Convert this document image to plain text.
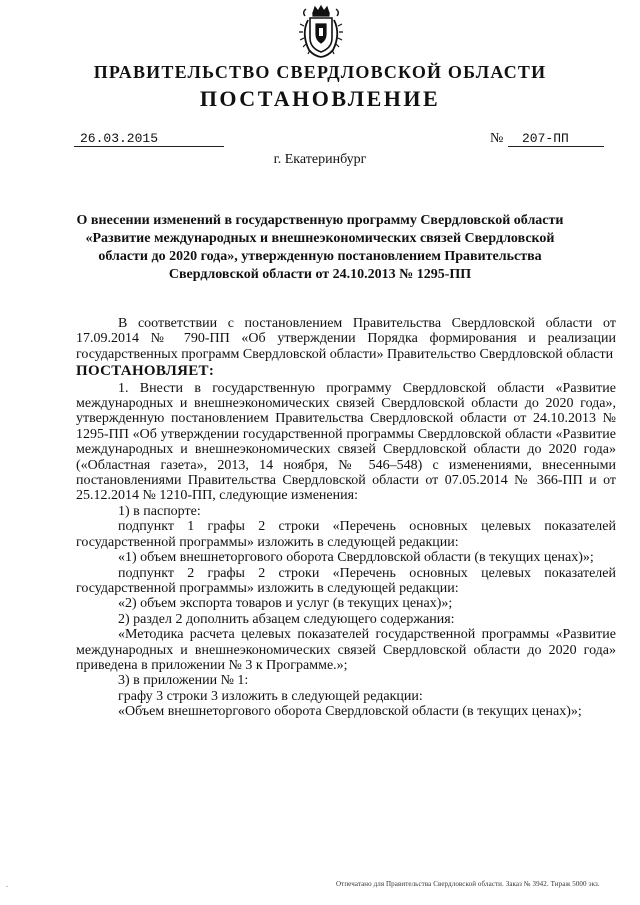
ПРАВИТЕЛЬСТВО СВЕРДЛОВСКОЙ ОБЛАСТИ
ПОСТАНОВЛЕНИЕ
26.03.2015	№ 207-ПП
г. Екатеринбург
О внесении изменений в государственную программу Свердловской области «Развитие международных и внешнеэкономических связей Свердловской области до 2020 года», утвержденную постановлением Правительства Свердловской области от 24.10.2013 № 1295-ПП

В соответствии с постановлением Правительства Свердловской области от 17.09.2014 № 790-ПП «Об утверждении Порядка формирования и реализации государственных программ Свердловской области» Правительство Свердловской области

ПОСТАНОВЛЯЕТ:

1. Внести в государственную программу Свердловской области «Развитие международных и внешнеэкономических связей Свердловской области до 2020 года», утвержденную постановлением Правительства Свердловской области от 24.10.2013 № 1295-ПП «Об утверждении государственной программы Свердловской области «Развитие международных и внешнеэкономических связей Свердловской области до 2020 года» («Областная газета», 2013, 14 ноября, № 546–548) с изменениями, внесенными постановлениями Правительства Свердловской области от 07.05.2014 № 366-ПП и от 25.12.2014 № 1210-ПП, следующие изменения:

1) в паспорте:

подпункт 1 графы 2 строки «Перечень основных целевых показателей государственной программы» изложить в следующей редакции:

«1) объем внешнеторгового оборота Свердловской области (в текущих ценах)»;

подпункт 2 графы 2 строки «Перечень основных целевых показателей государственной программы» изложить в следующей редакции:

«2) объем экспорта товаров и услуг (в текущих ценах)»;

2) раздел 2 дополнить абзацем следующего содержания:

«Методика расчета целевых показателей государственной программы «Развитие международных и внешнеэкономических связей Свердловской области до 2020 года» приведена в приложении № 3 к Программе.»;

3) в приложении № 1:

графу 3 строки 3 изложить в следующей редакции:

«Объем внешнеторгового оборота Свердловской области (в текущих ценах)»;

-	Отпечатано для Правительства Свердловской области. Заказ № 3942. Тираж 5000 экз.
